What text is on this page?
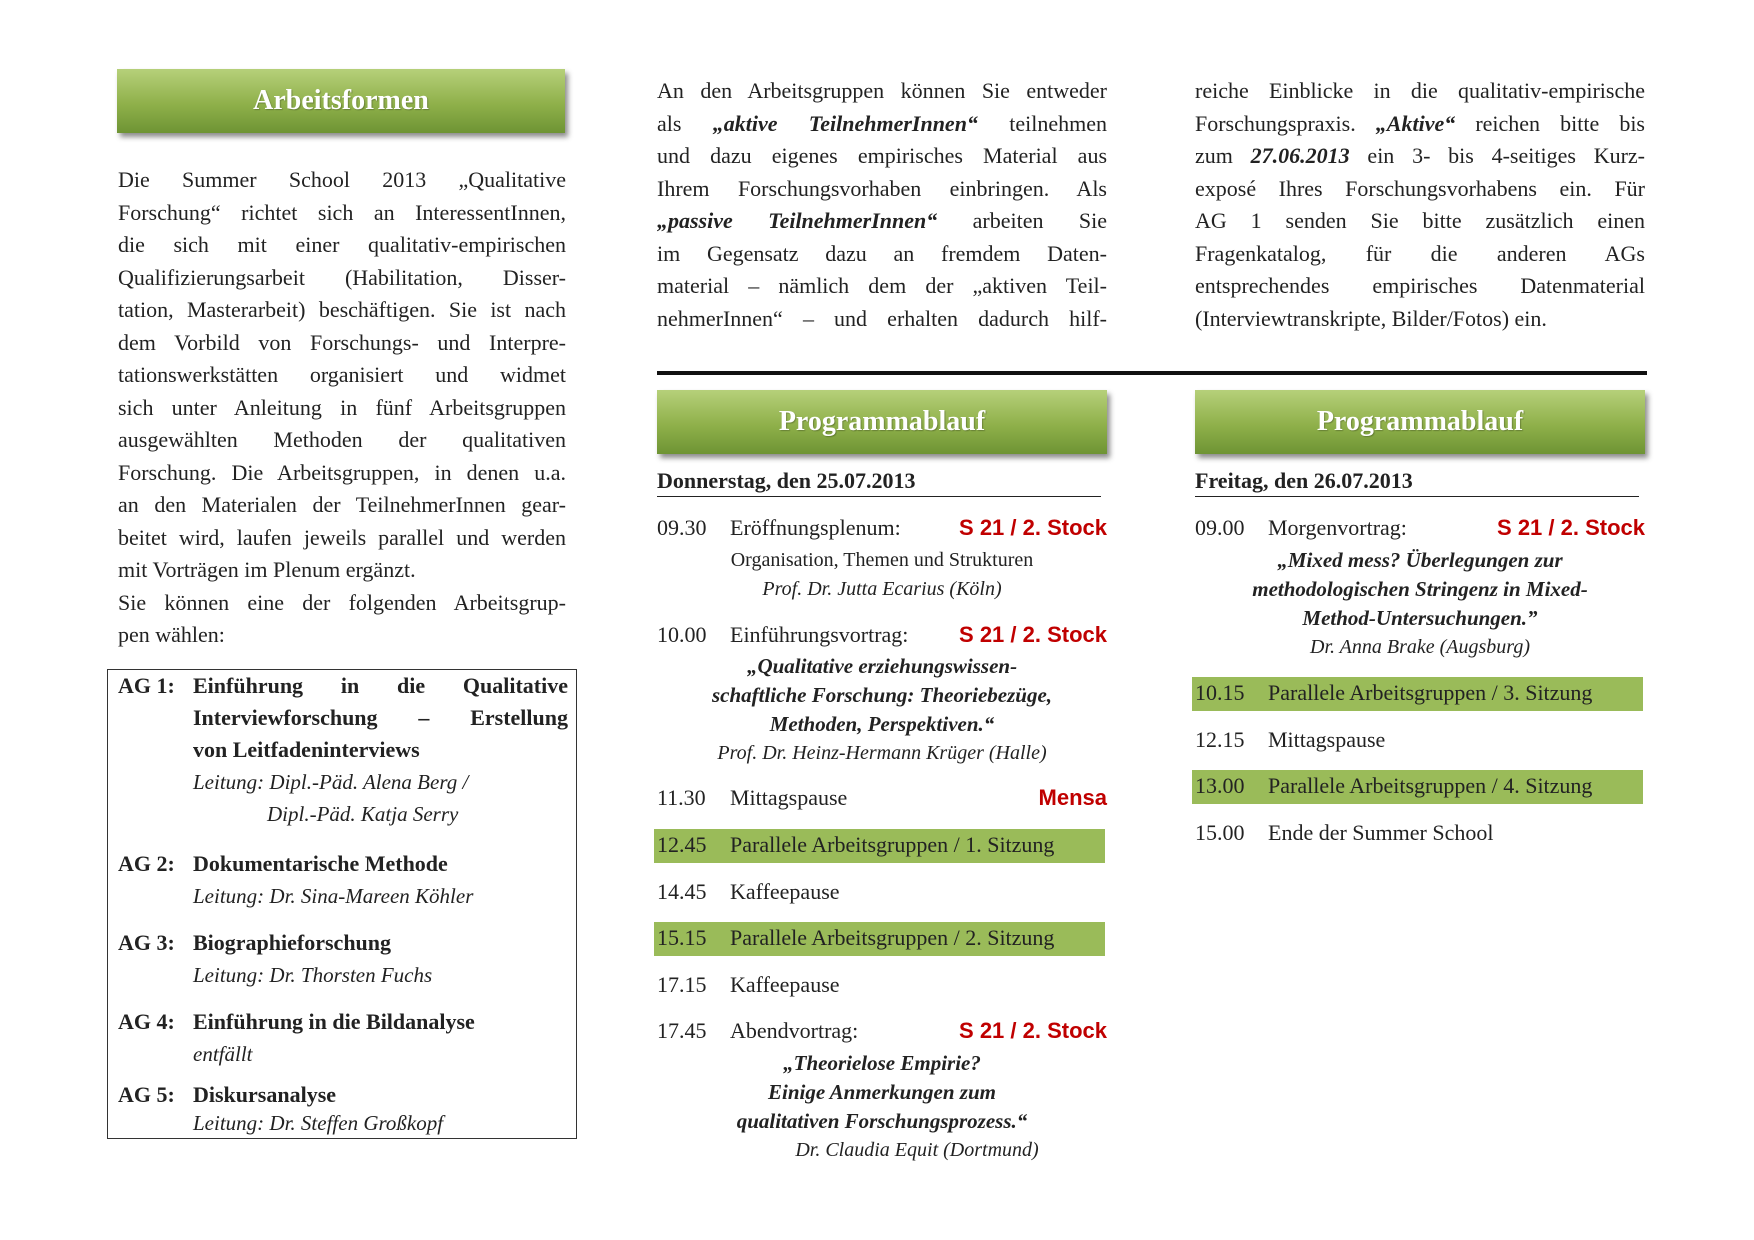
Arbeitsformen
Die Summer School 2013 „Qualitative
Forschung“ richtet sich an InteressentInnen,
die sich mit einer qualitativ-empirischen
Qualifizierungsarbeit (Habilitation, Disser-
tation, Masterarbeit) beschäftigen. Sie ist nach
dem Vorbild von Forschungs- und Interpre-
tationswerkstätten organisiert und widmet
sich unter Anleitung in fünf Arbeitsgruppen
ausgewählten Methoden der qualitativen
Forschung. Die Arbeitsgruppen, in denen u.a.
an den Materialen der TeilnehmerInnen gear-
beitet wird, laufen jeweils parallel und werden
mit Vorträgen im Plenum ergänzt.
Sie können eine der folgenden Arbeitsgrup-
pen wählen:
AG 1: Einführung in die Qualitative
Interviewforschung – Erstellung
von Leitfadeninterviews
Leitung: Dipl.-Päd. Alena Berg /
Dipl.-Päd. Katja Serry
AG 2: Dokumentarische Methode
Leitung: Dr. Sina-Mareen Köhler
AG 3: Biographieforschung
Leitung: Dr. Thorsten Fuchs
AG 4: Einführung in die Bildanalyse
entfällt
AG 5: Diskursanalyse
Leitung: Dr. Steffen Großkopf
An den Arbeitsgruppen können Sie entweder
als „aktive TeilnehmerInnen“ teilnehmen
und dazu eigenes empirisches Material aus
Ihrem Forschungsvorhaben einbringen. Als
„passive TeilnehmerInnen“ arbeiten Sie
im Gegensatz dazu an fremdem Daten-
material – nämlich dem der „aktiven Teil-
nehmerInnen“ – und erhalten dadurch hilf-
reiche Einblicke in die qualitativ-empirische
Forschungspraxis. „Aktive“ reichen bitte bis
zum 27.06.2013 ein 3- bis 4-seitiges Kurz-
exposé Ihres Forschungsvorhabens ein. Für
AG 1 senden Sie bitte zusätzlich einen
Fragenkatalog, für die anderen AGs
entsprechendes empirisches Datenmaterial
(Interviewtranskripte, Bilder/Fotos) ein.
Programmablauf
Donnerstag, den 25.07.2013
09.30 Eröffnungsplenum:	S 21 / 2. Stock
Organisation, Themen und Strukturen
Prof. Dr. Jutta Ecarius (Köln)
10.00 Einführungsvortrag: S 21 / 2. Stock
„Qualitative erziehungswissen-
schaftliche Forschung: Theoriebezüge,
Methoden, Perspektiven.“
Prof. Dr. Heinz-Hermann Krüger (Halle)
11.30 Mittagspause	Mensa
12.45 Parallele Arbeitsgruppen / 1. Sitzung
14.45 Kaffeepause
15.15 Parallele Arbeitsgruppen / 2. Sitzung
17.15 Kaffeepause
17.45 Abendvortrag:	S 21 / 2. Stock
„Theorielose Empirie?
Einige Anmerkungen zum
qualitativen Forschungsprozess.“
Dr. Claudia Equit (Dortmund)
Programmablauf
Freitag, den 26.07.2013
09.00 Morgenvortrag:	S 21 / 2. Stock
„Mixed mess? Überlegungen zur
methodologischen Stringenz in Mixed-
Method-Untersuchungen.”
Dr. Anna Brake (Augsburg)
10.15 Parallele Arbeitsgruppen / 3. Sitzung
12.15 Mittagspause
13.00 Parallele Arbeitsgruppen / 4. Sitzung
15.00 Ende der Summer School
